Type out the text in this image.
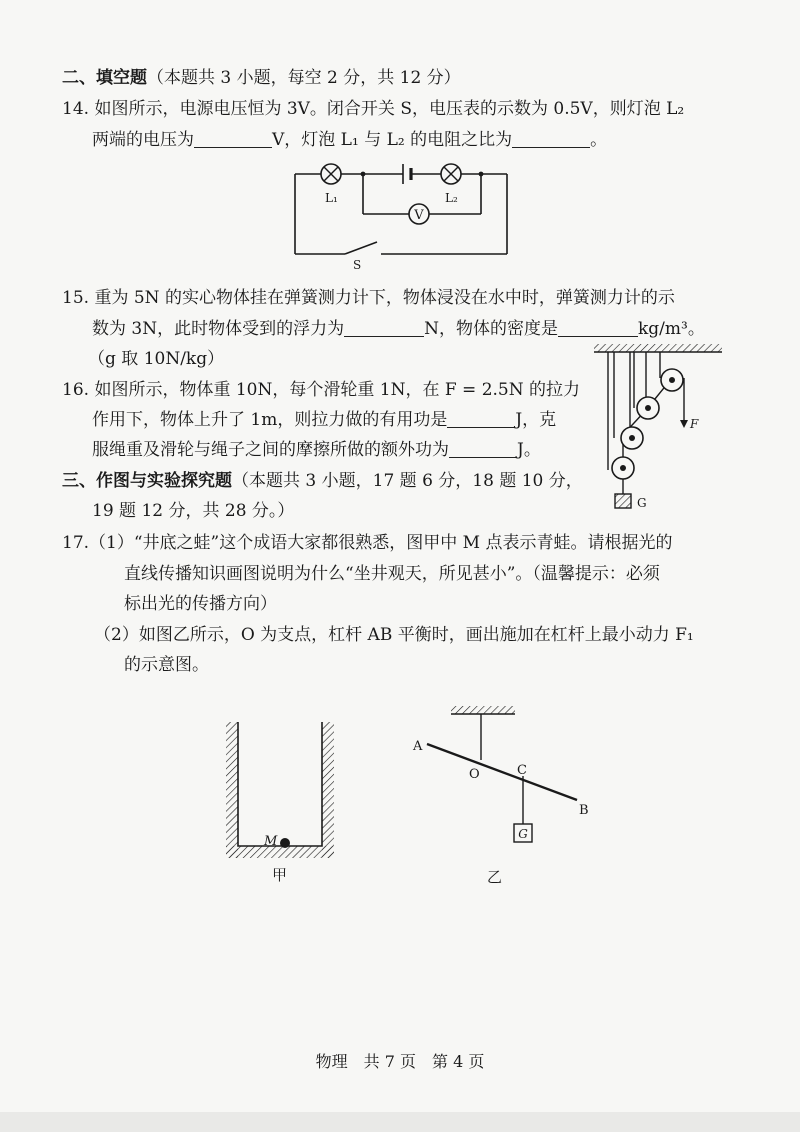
二、填空题（本题共 3 小题，每空 2 分，共 12 分）
14. 如图所示，电源电压恒为 3V。闭合开关 S，电压表的示数为 0.5V，则灯泡 L₂
两端的电压为	V，灯泡 L₁ 与 L₂ 的电阻之比为	。
V
L₁	L₂
S
15. 重为 5N 的实心物体挂在弹簧测力计下，物体浸没在水中时，弹簧测力计的示
数为 3N，此时物体受到的浮力为	N，物体的密度是	kg/m³。
（g 取 10N/kg）
16. 如图所示，物体重 10N，每个滑轮重 1N，在 F = 2.5N 的拉力
作用下，物体上升了 1m，则拉力做的有用功是	J，克
服绳重及滑轮与绳子之间的摩擦所做的额外功为	J。
F
G
三、作图与实验探究题（本题共 3 小题，17 题 6 分，18 题 10 分，
19 题 12 分，共 28 分。）
17.（1）“井底之蛙”这个成语大家都很熟悉，图甲中 M 点表示青蛙。请根据光的
直线传播知识画图说明为什么“坐井观天，所见甚小”。（温馨提示：必须
标出光的传播方向）
（2）如图乙所示，O 为支点，杠杆 AB 平衡时，画出施加在杠杆上最小动力 F₁
的示意图。
M
甲
G
A
O	C
B
乙
物理 共 7 页 第 4 页
